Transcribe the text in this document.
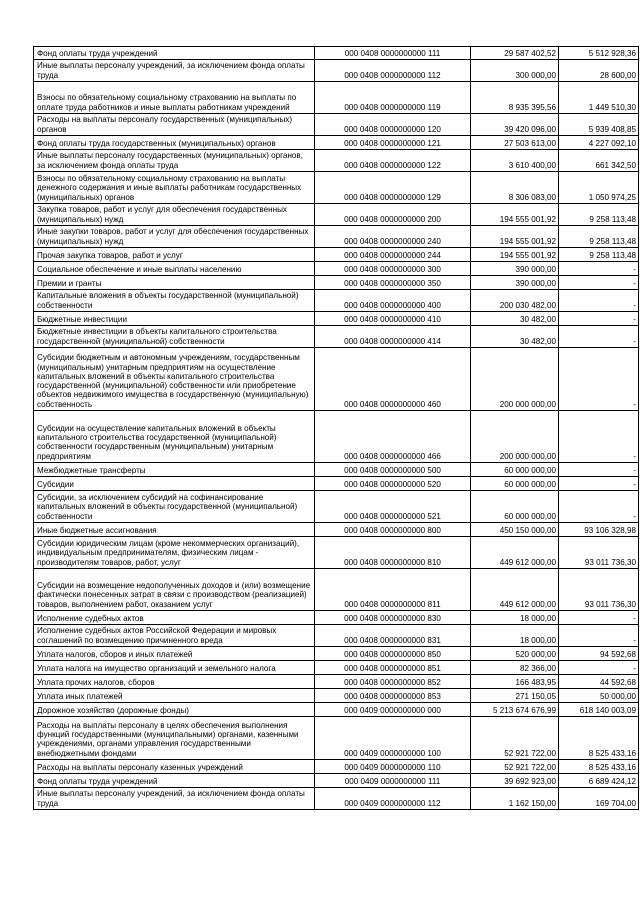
Фонд оплаты труда учреждений	000 0408 0000000000 111	29 587 402,52	5 512 928,36
Иные выплаты персоналу учреждений, за исключением фонда оплаты труда	000 0408 0000000000 112	300 000,00	28 600,00
Взносы по обязательному социальному страхованию на выплаты по оплате труда работников и иные выплаты работникам учреждений	000 0408 0000000000 119	8 935 395,56	1 449 510,30
Расходы на выплаты персоналу государственных (муниципальных) органов	000 0408 0000000000 120	39 420 096,00	5 939 408,85
Фонд оплаты труда государственных (муниципальных) органов	000 0408 0000000000 121	27 503 613,00	4 227 092,10
Иные выплаты персоналу государственных (муниципальных) органов, за исключением фонда оплаты труда	000 0408 0000000000 122	3 610 400,00	661 342,50
Взносы по обязательному социальному страхованию на выплаты денежного содержания и иные выплаты работникам государственных (муниципальных) органов	000 0408 0000000000 129	8 306 083,00	1 050 974,25
Закупка товаров, работ и услуг для обеспечения государственных (муниципальных) нужд	000 0408 0000000000 200	194 555 001,92	9 258 113,48
Иные закупки товаров, работ и услуг для обеспечения государственных (муниципальных) нужд	000 0408 0000000000 240	194 555 001,92	9 258 113,48
Прочая закупка товаров, работ и услуг	000 0408 0000000000 244	194 555 001,92	9 258 113,48
Социальное обеспечение и иные выплаты населению	000 0408 0000000000 300	390 000,00	-
Премии и гранты	000 0408 0000000000 350	390 000,00	-
Капитальные вложения в объекты государственной (муниципальной) собственности	000 0408 0000000000 400	200 030 482,00	-
Бюджетные инвестиции	000 0408 0000000000 410	30 482,00	-
Бюджетные инвестиции в объекты капитального строительства государственной (муниципальной) собственности	000 0408 0000000000 414	30 482,00	-
Субсидии бюджетным и автономным учреждениям, государственным (муниципальным) унитарным предприятиям на осуществление капитальных вложений в объекты капитального строительства государственной (муниципальной) собственности или приобретение объектов недвижимого имущества в государственную (муниципальную) собственность	000 0408 0000000000 460	200 000 000,00	-
Субсидии на осуществление капитальных вложений в объекты капитального строительства государственной (муниципальной) собственности государственным (муниципальным) унитарным предприятиям	000 0408 0000000000 466	200 000 000,00	-
Межбюджетные трансферты	000 0408 0000000000 500	60 000 000,00	-
Субсидии	000 0408 0000000000 520	60 000 000,00	-
Субсидии, за исключением субсидий на софинансирование капитальных вложений в объекты государственной (муниципальной) собственности	000 0408 0000000000 521	60 000 000,00	-
Иные бюджетные ассигнования	000 0408 0000000000 800	450 150 000,00	93 106 328,98
Субсидии юридическим лицам (кроме некоммерческих организаций), индивидуальным предпринимателям, физическим лицам - производителям товаров, работ, услуг	000 0408 0000000000 810	449 612 000,00	93 011 736,30
Субсидии на возмещение недополученных доходов и (или) возмещение фактически понесенных затрат в связи с производством (реализацией) товаров, выполнением работ, оказанием услуг	000 0408 0000000000 811	449 612 000,00	93 011 736,30
Исполнение судебных актов	000 0408 0000000000 830	18 000,00	-
Исполнение судебных актов Российской Федерации и мировых соглашений по возмещению причиненного вреда	000 0408 0000000000 831	18 000,00	-
Уплата налогов, сборов и иных платежей	000 0408 0000000000 850	520 000,00	94 592,68
Уплата налога на имущество организаций и земельного налога	000 0408 0000000000 851	82 366,00	-
Уплата прочих налогов, сборов	000 0408 0000000000 852	166 483,95	44 592,68
Уплата иных платежей	000 0408 0000000000 853	271 150,05	50 000,00
Дорожное хозяйство (дорожные фонды)	000 0409 0000000000 000	5 213 674 676,99	618 140 003,09
Расходы на выплаты персоналу в целях обеспечения выполнения функций государственными (муниципальными) органами, казенными учреждениями, органами управления государственными внебюджетными фондами	000 0409 0000000000 100	52 921 722,00	8 525 433,16
Расходы на выплаты персоналу казенных учреждений	000 0409 0000000000 110	52 921 722,00	8 525 433,16
Фонд оплаты труда учреждений	000 0409 0000000000 111	39 692 923,00	6 689 424,12
Иные выплаты персоналу учреждений, за исключением фонда оплаты труда	000 0409 0000000000 112	1 162 150,00	169 704,00
